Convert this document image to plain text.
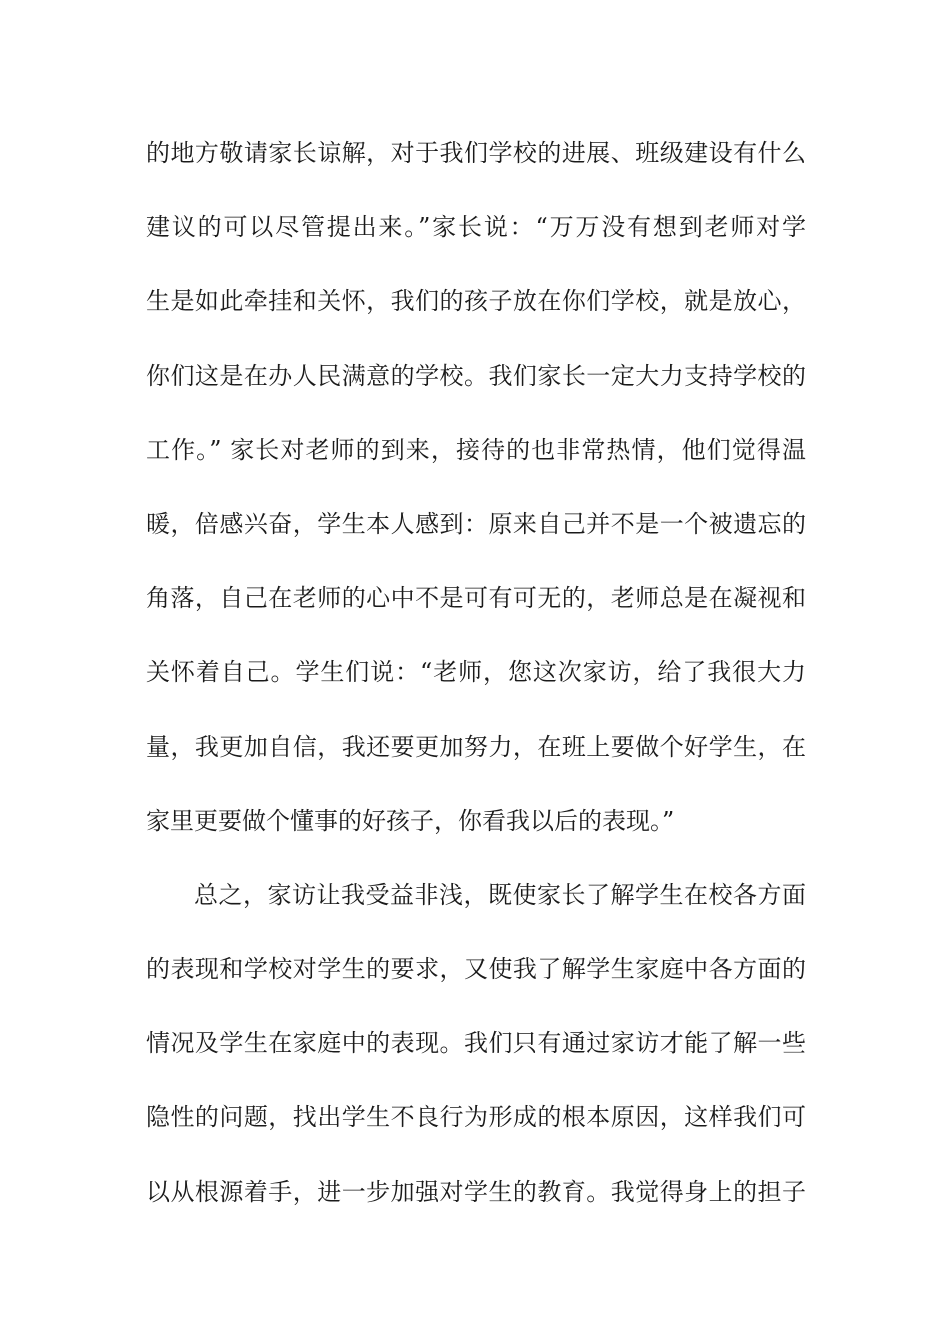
的地方敬请家长谅解，对于我们学校的进展、班级建设有什么
建议的可以尽管提出来。”家长说：“万万没有想到老师对学
生是如此牵挂和关怀，我们的孩子放在你们学校，就是放心，
你们这是在办人民满意的学校。我们家长一定大力支持学校的
工作。” 家长对老师的到来，接待的也非常热情，他们觉得温
暖，倍感兴奋，学生本人感到：原来自己并不是一个被遗忘的
角落，自己在老师的心中不是可有可无的，老师总是在凝视和
关怀着自己。学生们说：“老师，您这次家访，给了我很大力
量，我更加自信，我还要更加努力，在班上要做个好学生，在
家里更要做个懂事的好孩子，你看我以后的表现。”
总之，家访让我受益非浅，既使家长了解学生在校各方面
的表现和学校对学生的要求，又使我了解学生家庭中各方面的
情况及学生在家庭中的表现。我们只有通过家访才能了解一些
隐性的问题，找出学生不良行为形成的根本原因，这样我们可
以从根源着手，进一步加强对学生的教育。我觉得身上的担子
